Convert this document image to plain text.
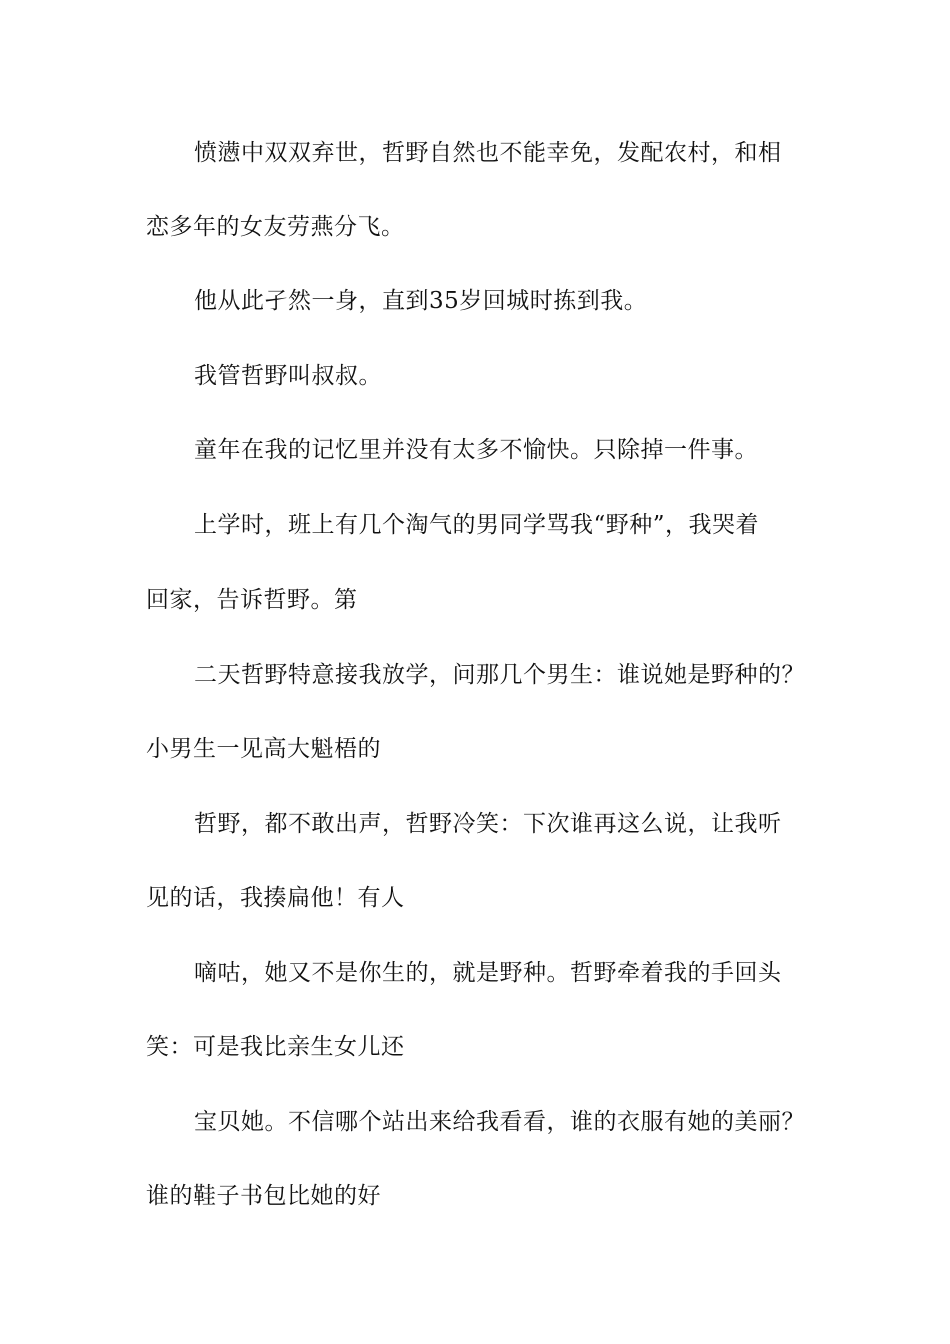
愤懑中双双弃世，哲野自然也不能幸免，发配农村，和相
恋多年的女友劳燕分飞。
他从此孑然一身，直到35岁回城时拣到我。
我管哲野叫叔叔。
童年在我的记忆里并没有太多不愉快。只除掉一件事。
上学时，班上有几个淘气的男同学骂我“野种”，我哭着
回家，告诉哲野。第
二天哲野特意接我放学，问那几个男生：谁说她是野种的？
小男生一见高大魁梧的
哲野，都不敢出声，哲野冷笑：下次谁再这么说，让我听
见的话，我揍扁他！有人
嘀咕，她又不是你生的，就是野种。哲野牵着我的手回头
笑：可是我比亲生女儿还
宝贝她。不信哪个站出来给我看看，谁的衣服有她的美丽？
谁的鞋子书包比她的好
